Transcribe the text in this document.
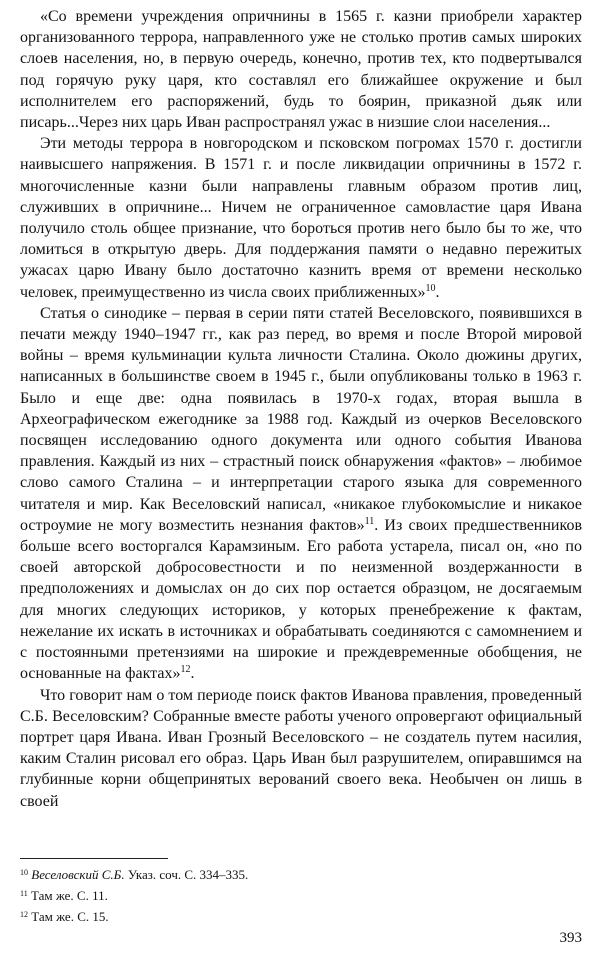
«Со времени учреждения опричнины в 1565 г. казни приобрели характер организованного террора, направленного уже не столько против самых широких слоев населения, но, в первую очередь, конечно, против тех, кто подвертывался под горячую руку царя, кто составлял его ближайшее окружение и был исполнителем его распоряжений, будь то боярин, приказной дьяк или писарь...Через них царь Иван распространял ужас в низшие слои населения...

Эти методы террора в новгородском и псковском погромах 1570 г. достигли наивысшего напряжения. В 1571 г. и после ликвидации опричнины в 1572 г. многочисленные казни были направлены главным образом против лиц, служивших в опричнине... Ничем не ограниченное самовластие царя Ивана получило столь общее признание, что бороться против него было бы то же, что ломиться в открытую дверь. Для поддержания памяти о недавно пережитых ужасах царю Ивану было достаточно казнить время от времени несколько человек, преимущественно из числа своих приближенных»$^{10}$.

Статья о синодике – первая в серии пяти статей Веселовского, появившихся в печати между 1940–1947 гг., как раз перед, во время и после Второй мировой войны – время кульминации культа личности Сталина. Около дюжины других, написанных в большинстве своем в 1945 г., были опубликованы только в 1963 г. Было и еще две: одна появилась в 1970-х годах, вторая вышла в Археографическом ежегоднике за 1988 год. Каждый из очерков Веселовского посвящен исследованию одного документа или одного события Иванова правления. Каждый из них – страстный поиск обнаружения «фактов» – любимое слово самого Сталина – и интерпретации старого языка для современного читателя и мир. Как Веселовский написал, «никакое глубокомыслие и никакое остроумие не могу возместить незнания фактов»$^{11}$. Из своих предшественников больше всего восторгался Карамзиным. Его работа устарела, писал он, «но по своей авторской добросовестности и по неизменной воздержанности в предположениях и домыслах он до сих пор остается образцом, не досягаемым для многих следующих историков, у которых пренебрежение к фактам, нежелание их искать в источниках и обрабатывать соединяются с самомнением и с постоянными претензиями на широкие и преждевременные обобщения, не основанные на фактах»$^{12}$.

Что говорит нам о том периоде поиск фактов Иванова правления, проведенный С.Б. Веселовским? Собранные вместе работы ученого опровергают официальный портрет царя Ивана. Иван Грозный Веселовского – не создатель путем насилия, каким Сталин рисовал его образ. Царь Иван был разрушителем, опиравшимся на глубинные корни общепринятых верований своего века. Необычен он лишь в своей

$^{10}$ Веселовский С.Б. Указ. соч. С. 334–335.

$^{11}$ Там же. С. 11.

$^{12}$ Там же. С. 15.

393
